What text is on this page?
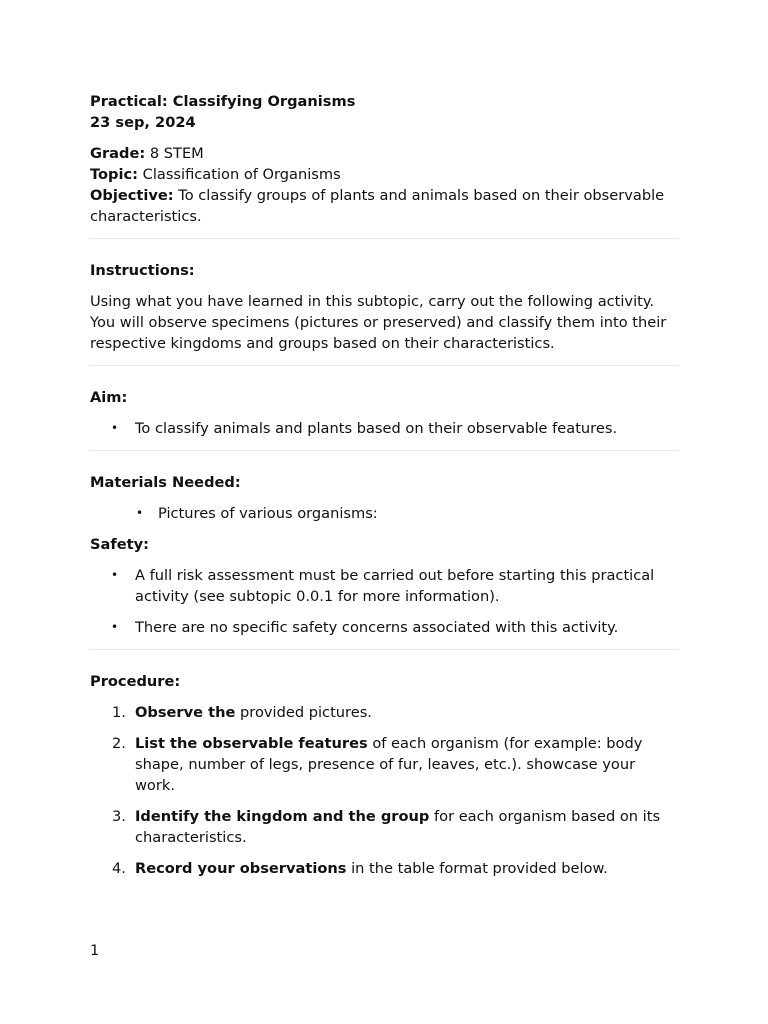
Practical: Classifying Organisms

23 sep, 2024

Grade: 8 STEM

Topic: Classification of Organisms

Objective: To classify groups of plants and animals based on their observable characteristics.

Instructions:

Using what you have learned in this subtopic, carry out the following activity. You will observe specimens (pictures or preserved) and classify them into their respective kingdoms and groups based on their characteristics.

Aim:

• To classify animals and plants based on their observable features.

Materials Needed:

• Pictures of various organisms:

Safety:

• A full risk assessment must be carried out before starting this practical activity (see subtopic 0.0.1 for more information).
• There are no specific safety concerns associated with this activity.

Procedure:

1. Observe the provided pictures.
2. List the observable features of each organism (for example: body shape, number of legs, presence of fur, leaves, etc.). showcase your work.
3. Identify the kingdom and the group for each organism based on its characteristics.
4. Record your observations in the table format provided below.

1
